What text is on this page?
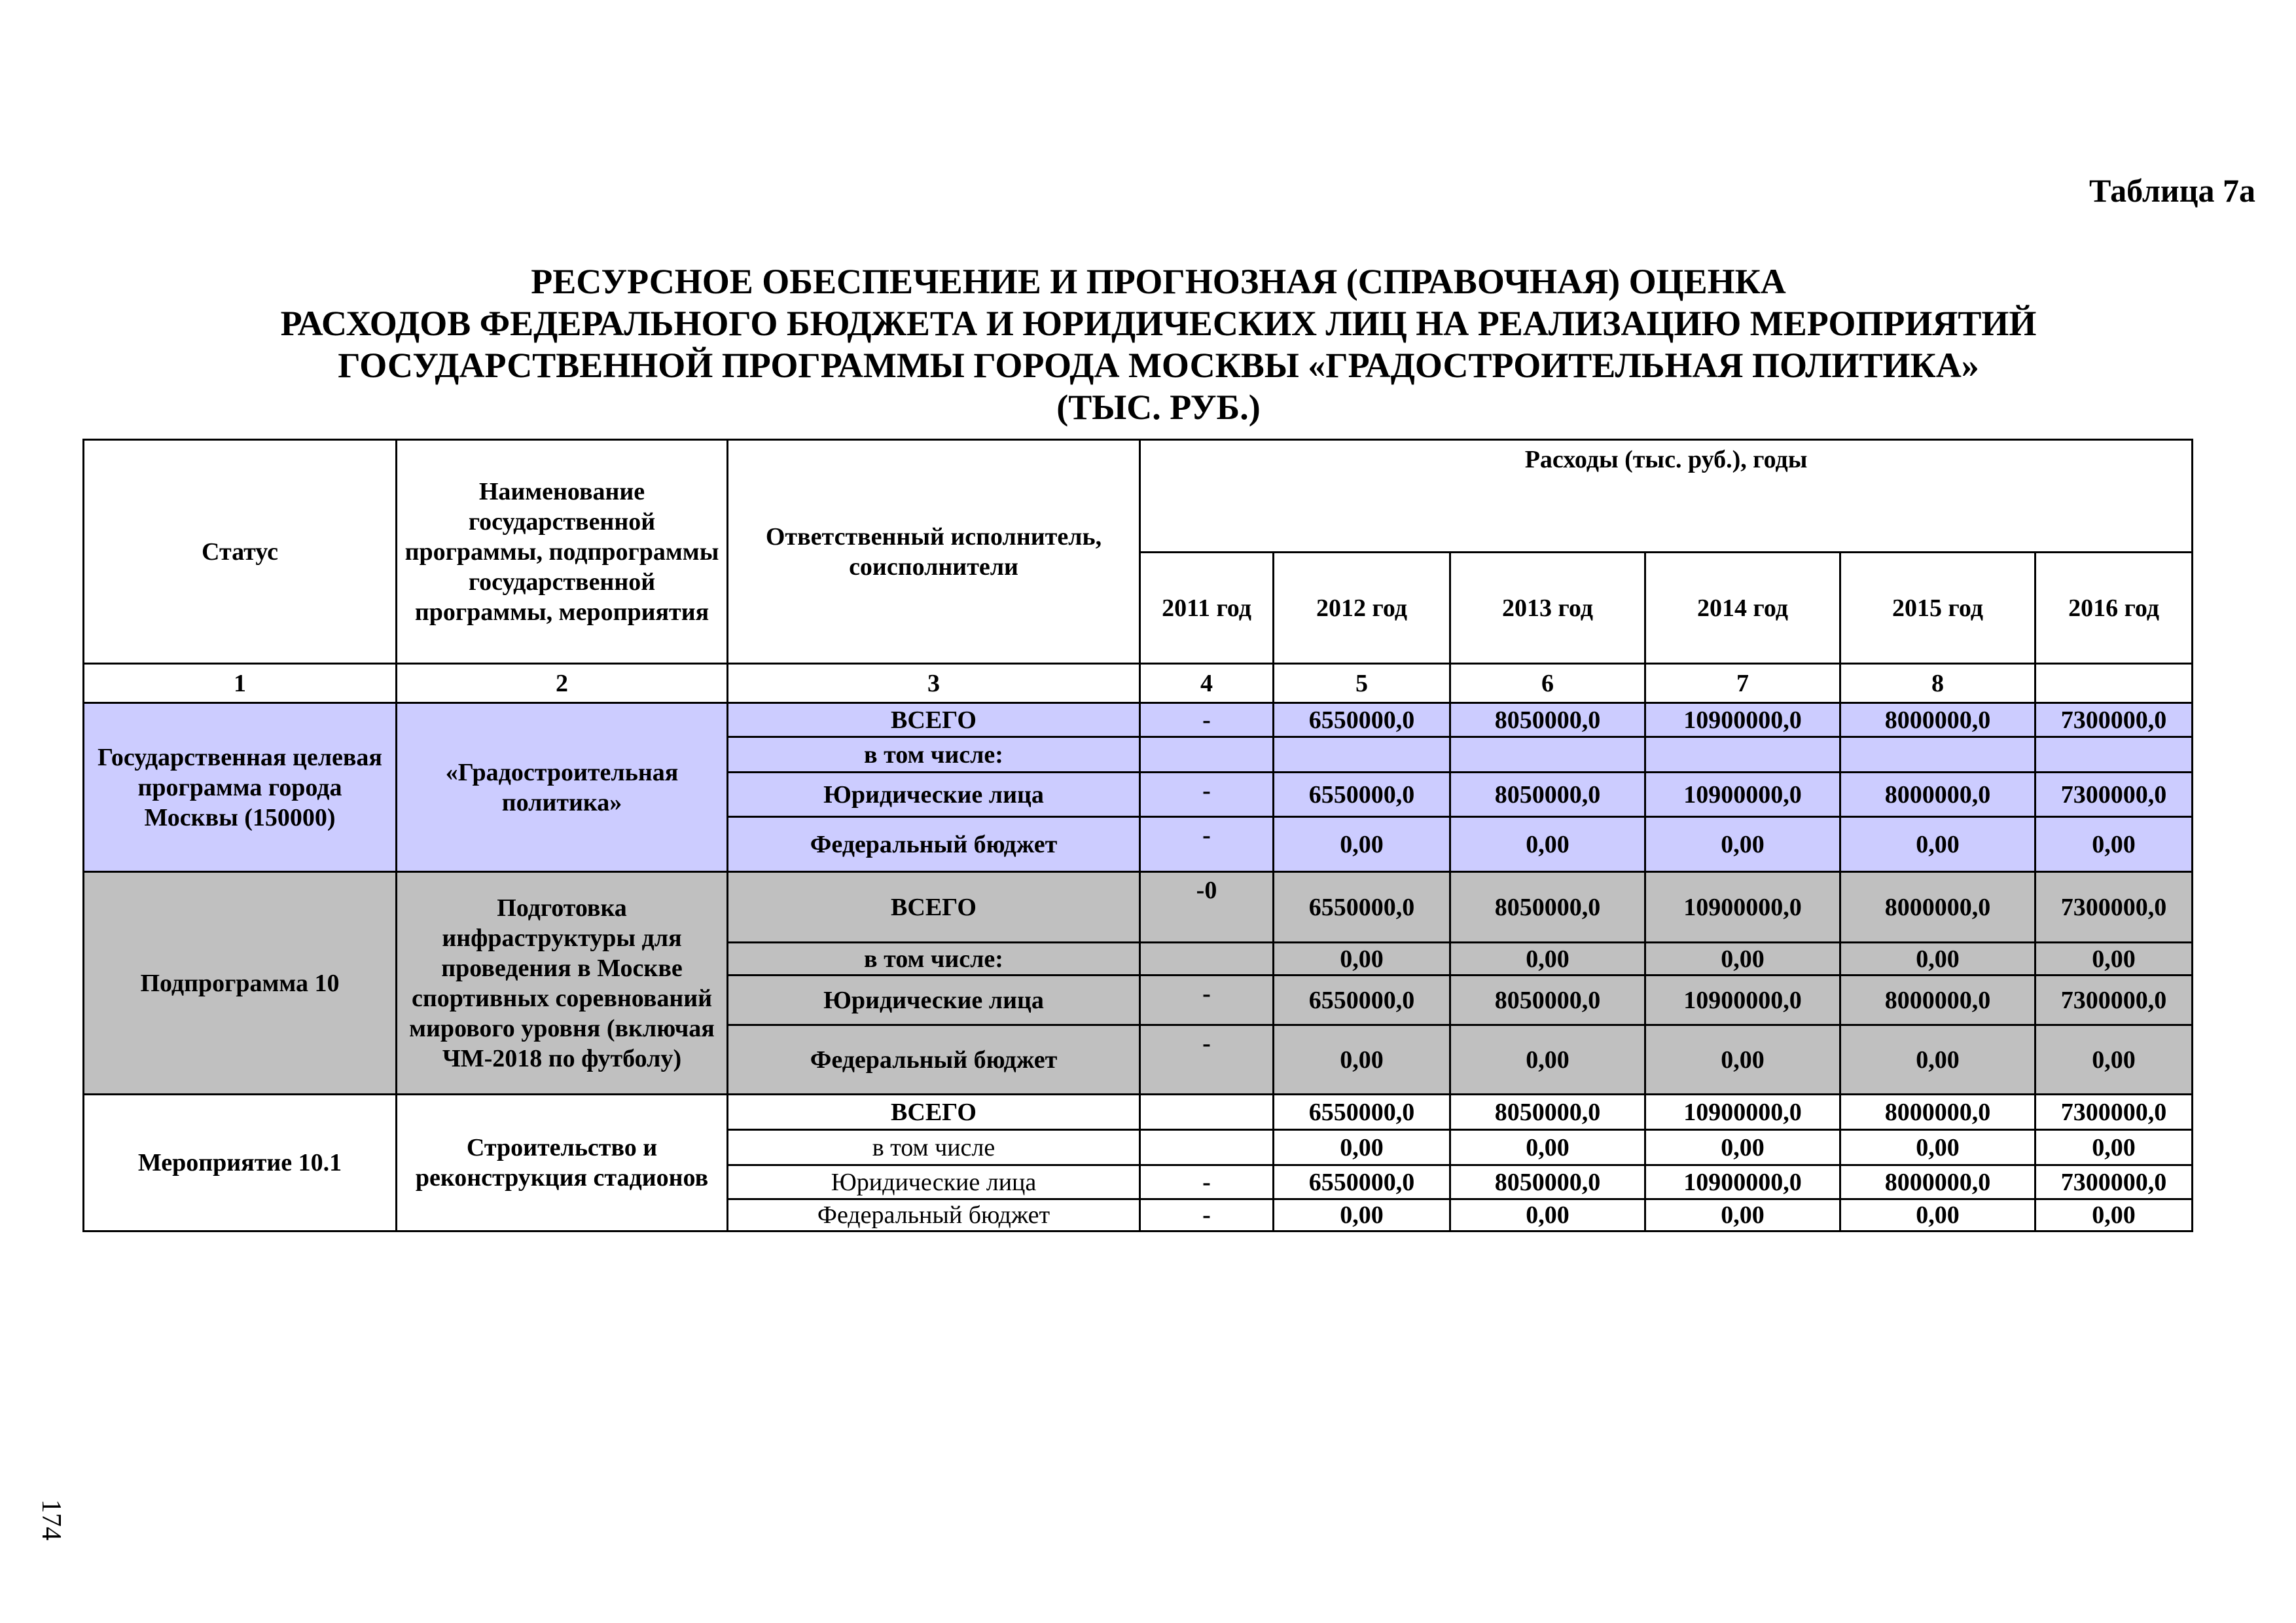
Таблица 7а
РЕСУРСНОЕ ОБЕСПЕЧЕНИЕ И ПРОГНОЗНАЯ (СПРАВОЧНАЯ) ОЦЕНКА
РАСХОДОВ ФЕДЕРАЛЬНОГО БЮДЖЕТА И ЮРИДИЧЕСКИХ ЛИЦ НА РЕАЛИЗАЦИЮ МЕРОПРИЯТИЙ
ГОСУДАРСТВЕННОЙ ПРОГРАММЫ ГОРОДА МОСКВЫ «ГРАДОСТРОИТЕЛЬНАЯ ПОЛИТИКА»
(ТЫС. РУБ.)
Статус	Наименование государственной программы, подпрограммы государственной программы, мероприятия	Ответственный исполнитель, соисполнители	Расходы (тыс. руб.), годы					
			2011 год	2012 год	2013 год	2014 год	2015 год	2016 год
1	2	3	4	5	6	7	8	
Государственная целевая программа города Москвы (150000)	«Градостроительная политика»	ВСЕГО	-	6550000,0	8050000,0	10900000,0	8000000,0	7300000,0
		в том числе:						
		Юридические лица	-	6550000,0	8050000,0	10900000,0	8000000,0	7300000,0
		Федеральный бюджет	-	0,00	0,00	0,00	0,00	0,00
Подпрограмма 10	Подготовка инфраструктуры для проведения в Москве спортивных соревнований мирового уровня (включая ЧМ-2018 по футболу)	ВСЕГО	-0	6550000,0	8050000,0	10900000,0	8000000,0	7300000,0
		в том числе:		0,00	0,00	0,00	0,00	0,00
		Юридические лица	-	6550000,0	8050000,0	10900000,0	8000000,0	7300000,0
		Федеральный бюджет	-	0,00	0,00	0,00	0,00	0,00
Мероприятие 10.1	Строительство и реконструкция стадионов	ВСЕГО		6550000,0	8050000,0	10900000,0	8000000,0	7300000,0
		в том числе		0,00	0,00	0,00	0,00	0,00
		Юридические лица	-	6550000,0	8050000,0	10900000,0	8000000,0	7300000,0
		Федеральный бюджет	-	0,00	0,00	0,00	0,00	0,00
174
